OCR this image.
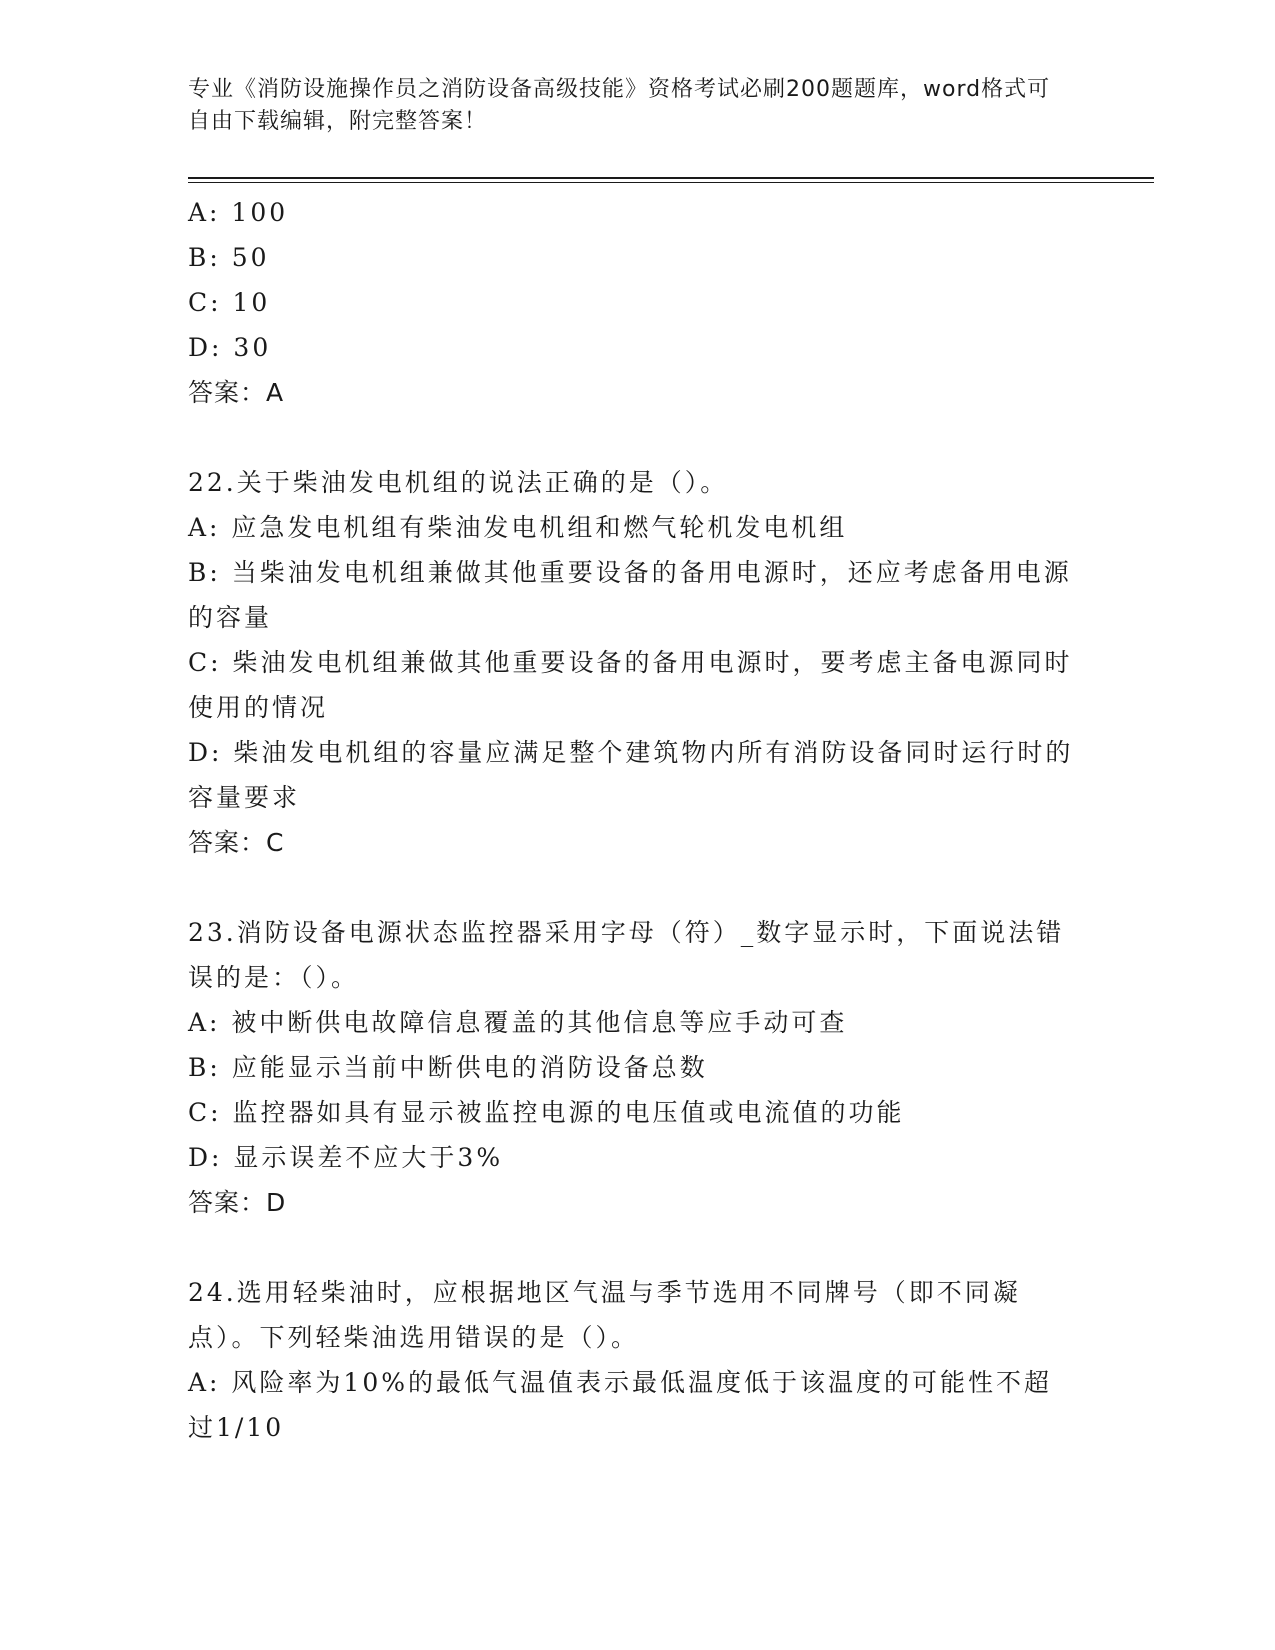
专业《消防设施操作员之消防设备高级技能》资格考试必刷200题题库，word格式可自由下载编辑，附完整答案！

A: 100

B: 50

C: 10

D: 30

答案：A

22.关于柴油发电机组的说法正确的是（）。

A: 应急发电机组有柴油发电机组和燃气轮机发电机组

B: 当柴油发电机组兼做其他重要设备的备用电源时，还应考虑备用电源的容量

C: 柴油发电机组兼做其他重要设备的备用电源时，要考虑主备电源同时使用的情况

D: 柴油发电机组的容量应满足整个建筑物内所有消防设备同时运行时的容量要求

答案：C

23.消防设备电源状态监控器采用字母（符）_数字显示时，下面说法错误的是：（）。

A: 被中断供电故障信息覆盖的其他信息等应手动可查

B: 应能显示当前中断供电的消防设备总数

C: 监控器如具有显示被监控电源的电压值或电流值的功能

D: 显示误差不应大于3%

答案：D

24.选用轻柴油时，应根据地区气温与季节选用不同牌号（即不同凝点）。下列轻柴油选用错误的是（）。

A: 风险率为10%的最低气温值表示最低温度低于该温度的可能性不超过1/10
